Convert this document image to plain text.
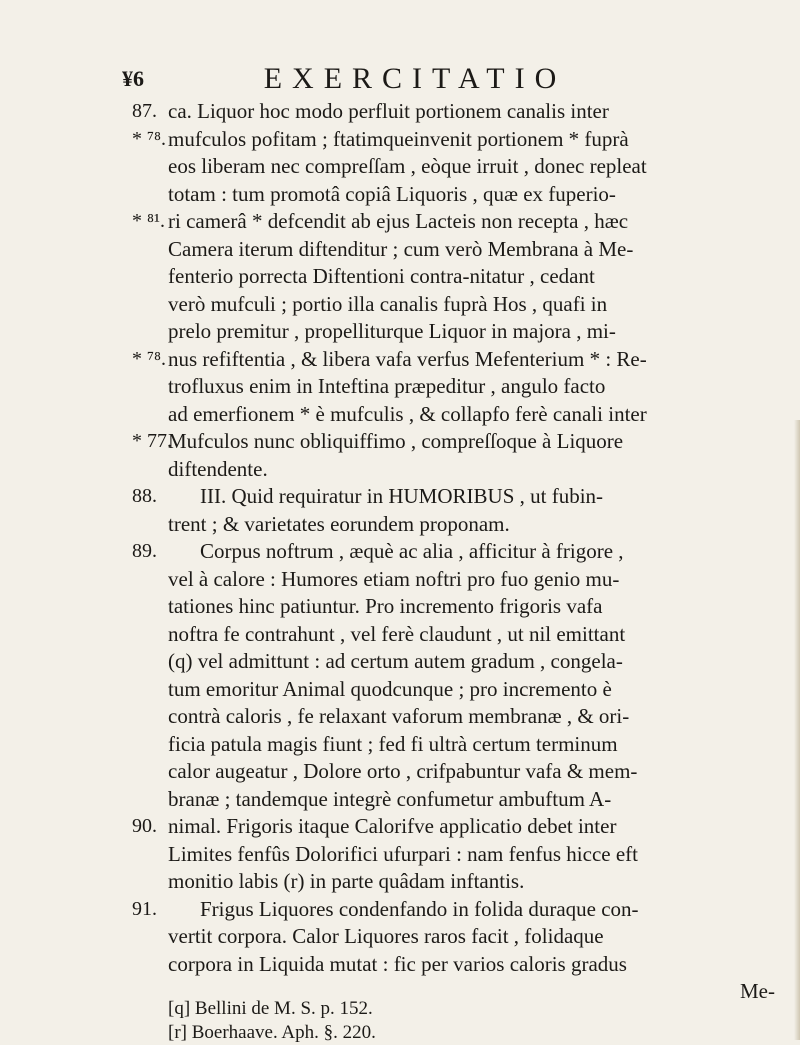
¥6	EXERCITATIO
87. ca. Liquor hoc modo perfluit portionem canalis inter
* ⁷⁸. mufculos pofitam ; ftatimqueinvenit portionem * fuprà
eos liberam nec compreſſam , eòque irruit , donec repleat
totam : tum promotâ copiâ Liquoris , quæ ex fuperio-
* ⁸¹. ri camerâ * defcendit ab ejus Lacteis non recepta , hæc
Camera iterum diftenditur ; cum verò Membrana à Me-
fenterio porrecta Diftentioni contra-nitatur , cedant
verò mufculi ; portio illa canalis fuprà Hos , quafi in
prelo premitur , propelliturque Liquor in majora , mi-
* ⁷⁸. nus refiftentia , & libera vafa verfus Mefenterium * : Re-
trofluxus enim in Inteftina præpeditur , angulo facto
ad emerfionem * è mufculis , & collapfo ferè canali inter
* 77.
Mufculos nunc obliquiffimo , compreſſoque à Liquore
diftendente.
88. III. Quid requiratur in HUMORIBUS , ut fubin-
trent ; & varietates eorundem proponam.
89. Corpus noftrum , æquè ac alia , afficitur à frigore ,
vel à calore : Humores etiam noftri pro fuo genio mu-
tationes hinc patiuntur. Pro incremento frigoris vafa
noftra fe contrahunt , vel ferè claudunt , ut nil emittant
(q) vel admittunt : ad certum autem gradum , congela-
tum emoritur Animal quodcunque ; pro incremento è
contrà caloris , fe relaxant vaforum membranæ , & ori-
ficia patula magis fiunt ; fed fi ultrà certum terminum
calor augeatur , Dolore orto , crifpabuntur vafa & mem-
branæ ; tandemque integrè confumetur ambuftum A-
90. nimal. Frigoris itaque Calorifve applicatio debet inter
Limites fenfûs Dolorifici ufurpari : nam fenfus hicce eft
monitio labis (r) in parte quâdam inftantis.
91. Frigus Liquores condenfando in folida duraque con-
vertit corpora. Calor Liquores raros facit , folidaque
corpora in Liquida mutat : fic per varios caloris gradus
Me-
[q] Bellini de M. S. p. 152.
[r] Boerhaave. Aph. §. 220.
